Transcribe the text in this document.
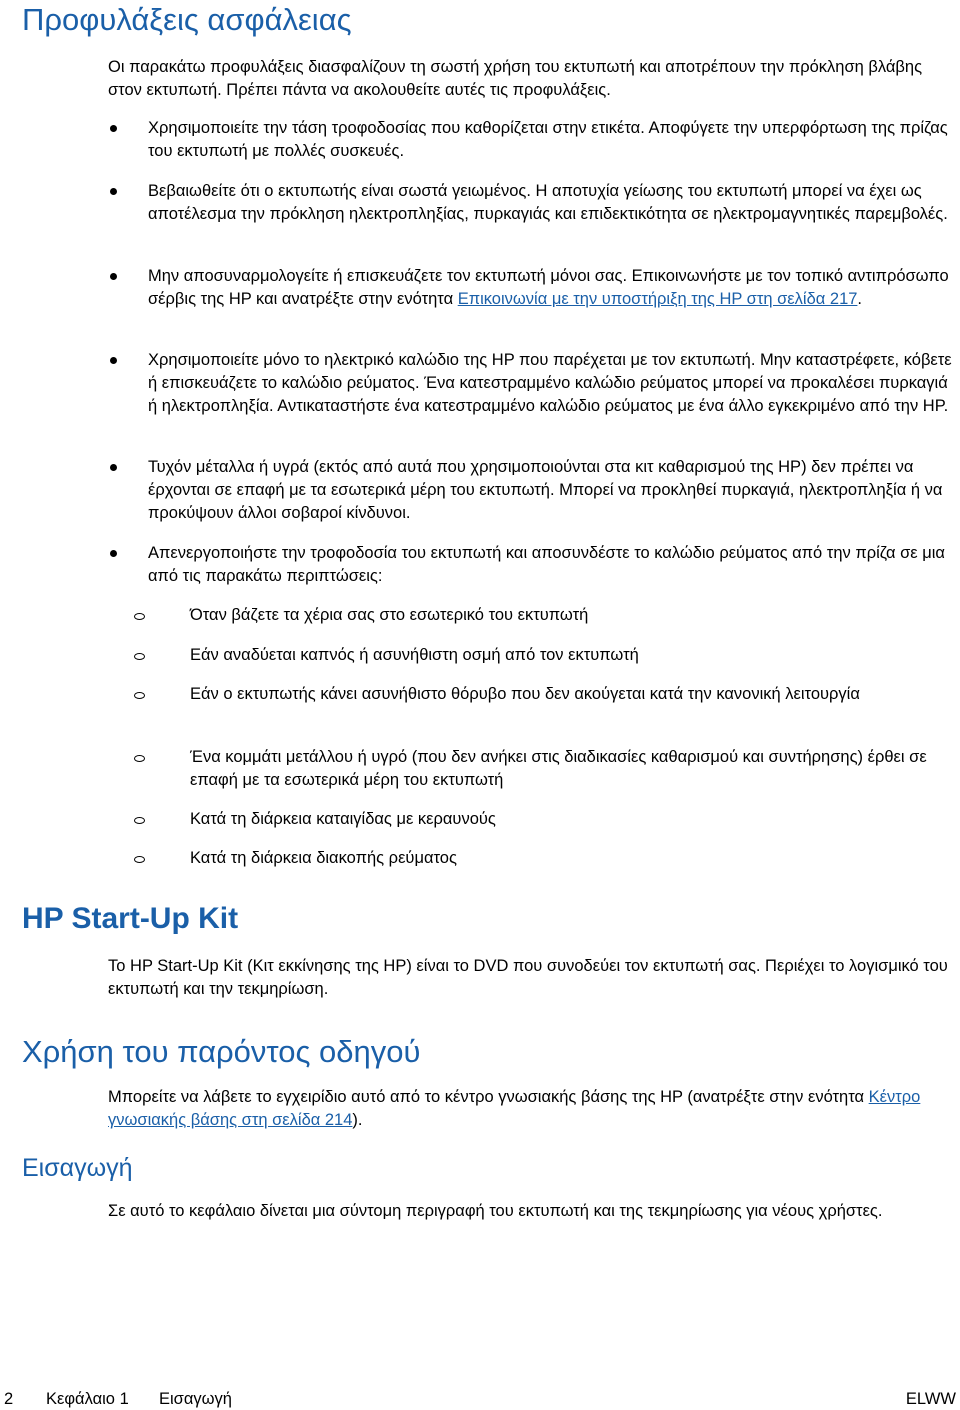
Προφυλάξεις ασφάλειας

Οι παρακάτω προφυλάξεις διασφαλίζουν τη σωστή χρήση του εκτυπωτή και αποτρέπουν την πρόκληση βλάβης στον εκτυπωτή. Πρέπει πάντα να ακολουθείτε αυτές τις προφυλάξεις.

Χρησιμοποιείτε την τάση τροφοδοσίας που καθορίζεται στην ετικέτα. Αποφύγετε την υπερφόρτωση της πρίζας του εκτυπωτή με πολλές συσκευές.

Βεβαιωθείτε ότι ο εκτυπωτής είναι σωστά γειωμένος. Η αποτυχία γείωσης του εκτυπωτή μπορεί να έχει ως αποτέλεσμα την πρόκληση ηλεκτροπληξίας, πυρκαγιάς και επιδεκτικότητα σε ηλεκτρομαγνητικές παρεμβολές.

Μην αποσυναρμολογείτε ή επισκευάζετε τον εκτυπωτή μόνοι σας. Επικοινωνήστε με τον τοπικό αντιπρόσωπο σέρβις της HP και ανατρέξτε στην ενότητα Επικοινωνία με την υποστήριξη της HP στη σελίδα 217.

Χρησιμοποιείτε μόνο το ηλεκτρικό καλώδιο της HP που παρέχεται με τον εκτυπωτή. Μην καταστρέφετε, κόβετε ή επισκευάζετε το καλώδιο ρεύματος. Ένα κατεστραμμένο καλώδιο ρεύματος μπορεί να προκαλέσει πυρκαγιά ή ηλεκτροπληξία. Αντικαταστήστε ένα κατεστραμμένο καλώδιο ρεύματος με ένα άλλο εγκεκριμένο από την HP.

Τυχόν μέταλλα ή υγρά (εκτός από αυτά που χρησιμοποιούνται στα κιτ καθαρισμού της HP) δεν πρέπει να έρχονται σε επαφή με τα εσωτερικά μέρη του εκτυπωτή. Μπορεί να προκληθεί πυρκαγιά, ηλεκτροπληξία ή να προκύψουν άλλοι σοβαροί κίνδυνοι.

Απενεργοποιήστε την τροφοδοσία του εκτυπωτή και αποσυνδέστε το καλώδιο ρεύματος από την πρίζα σε μια από τις παρακάτω περιπτώσεις:

Όταν βάζετε τα χέρια σας στο εσωτερικό του εκτυπωτή

Εάν αναδύεται καπνός ή ασυνήθιστη οσμή από τον εκτυπωτή

Εάν ο εκτυπωτής κάνει ασυνήθιστο θόρυβο που δεν ακούγεται κατά την κανονική λειτουργία

Ένα κομμάτι μετάλλου ή υγρό (που δεν ανήκει στις διαδικασίες καθαρισμού και συντήρησης) έρθει σε επαφή με τα εσωτερικά μέρη του εκτυπωτή

Κατά τη διάρκεια καταιγίδας με κεραυνούς

Κατά τη διάρκεια διακοπής ρεύματος

HP Start-Up Kit

Το HP Start-Up Kit (Κιτ εκκίνησης της HP) είναι το DVD που συνοδεύει τον εκτυπωτή σας. Περιέχει το λογισμικό του εκτυπωτή και την τεκμηρίωση.

Χρήση του παρόντος οδηγού

Μπορείτε να λάβετε το εγχειρίδιο αυτό από το κέντρο γνωσιακής βάσης της HP (ανατρέξτε στην ενότητα Κέντρο γνωσιακής βάσης στη σελίδα 214).

Εισαγωγή

Σε αυτό το κεφάλαιο δίνεται μια σύντομη περιγραφή του εκτυπωτή και της τεκμηρίωσης για νέους χρήστες.

2 Κεφάλαιο 1 Εισαγωγή	ELWW
